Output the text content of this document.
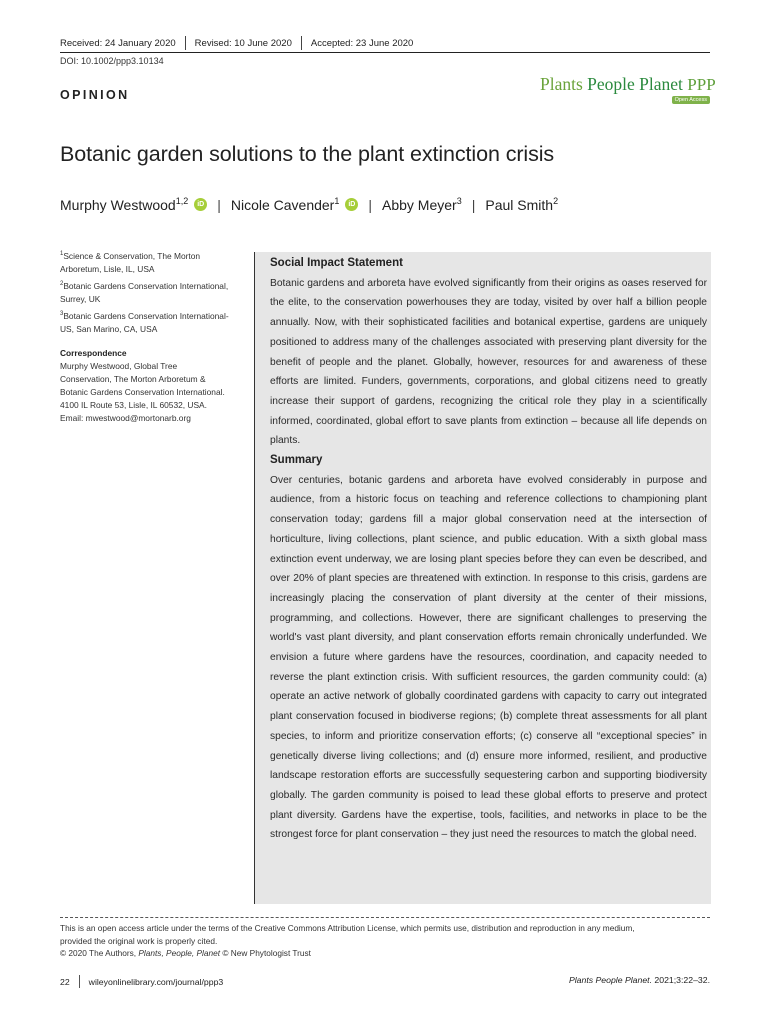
Received: 24 January 2020 Revised: 10 June 2020 Accepted: 23 June 2020
DOI: 10.1002/ppp3.10134
OPINION
Plants People Planet PPP
Open Access
Botanic garden solutions to the plant extinction crisis
Murphy Westwood$^{1,2}$	iD | Nicole Cavender$^1$	iD | Abby Meyer$^3$ | Paul Smith$^2$
$^1$Science & Conservation, The Morton Arboretum, Lisle, IL, USA
$^2$Botanic Gardens Conservation International, Surrey, UK
$^3$Botanic Gardens Conservation International-US, San Marino, CA, USA
Correspondence
Murphy Westwood, Global Tree
Conservation, The Morton Arboretum &
Botanic Gardens Conservation International.
4100 IL Route 53, Lisle, IL 60532, USA.
Email: mwestwood@mortonarb.org
Social Impact Statement

Botanic gardens and arboreta have evolved significantly from their origins as oases reserved for the elite, to the conservation powerhouses they are today, visited by over half a billion people annually. Now, with their sophisticated facilities and botanical expertise, gardens are uniquely positioned to address many of the challenges associated with preserving plant diversity for the benefit of people and the planet. Globally, however, resources for and awareness of these efforts are limited. Funders, governments, corporations, and global citizens need to greatly increase their support of gardens, recognizing the critical role they play in a scientifically informed, coordinated, global effort to save plants from extinction – because all life depends on plants.

Summary

Over centuries, botanic gardens and arboreta have evolved considerably in purpose and audience, from a historic focus on teaching and reference collections to championing plant conservation today; gardens fill a major global conservation need at the intersection of horticulture, living collections, plant science, and public education. With a sixth global mass extinction event underway, we are losing plant species before they can even be described, and over 20% of plant species are threatened with extinction. In response to this crisis, gardens are increasingly placing the conservation of plant diversity at the center of their missions, programming, and collections. However, there are significant challenges to preserving the world's vast plant diversity, and plant conservation efforts remain chronically underfunded. We envision a future where gardens have the resources, coordination, and capacity needed to reverse the plant extinction crisis. With sufficient resources, the garden community could: (a) operate an active network of globally coordinated gardens with capacity to carry out integrated plant conservation focused in biodiverse regions; (b) complete threat assessments for all plant species, to inform and prioritize conservation efforts; (c) conserve all “exceptional species” in genetically diverse living collections; and (d) ensure more informed, resilient, and productive landscape restoration efforts are successfully sequestering carbon and supporting biodiversity globally. The garden community is poised to lead these global efforts to preserve and protect plant diversity. Gardens have the expertise, tools, facilities, and networks in place to be the strongest force for plant conservation – they just need the resources to match the global need.

This is an open access article under the terms of the Creative Commons Attribution License, which permits use, distribution and reproduction in any medium,
provided the original work is properly cited.
© 2020 The Authors, Plants, People, Planet © New Phytologist Trust
22 wileyonlinelibrary.com/journal/ppp3	Plants People Planet. 2021;3:22–32.
